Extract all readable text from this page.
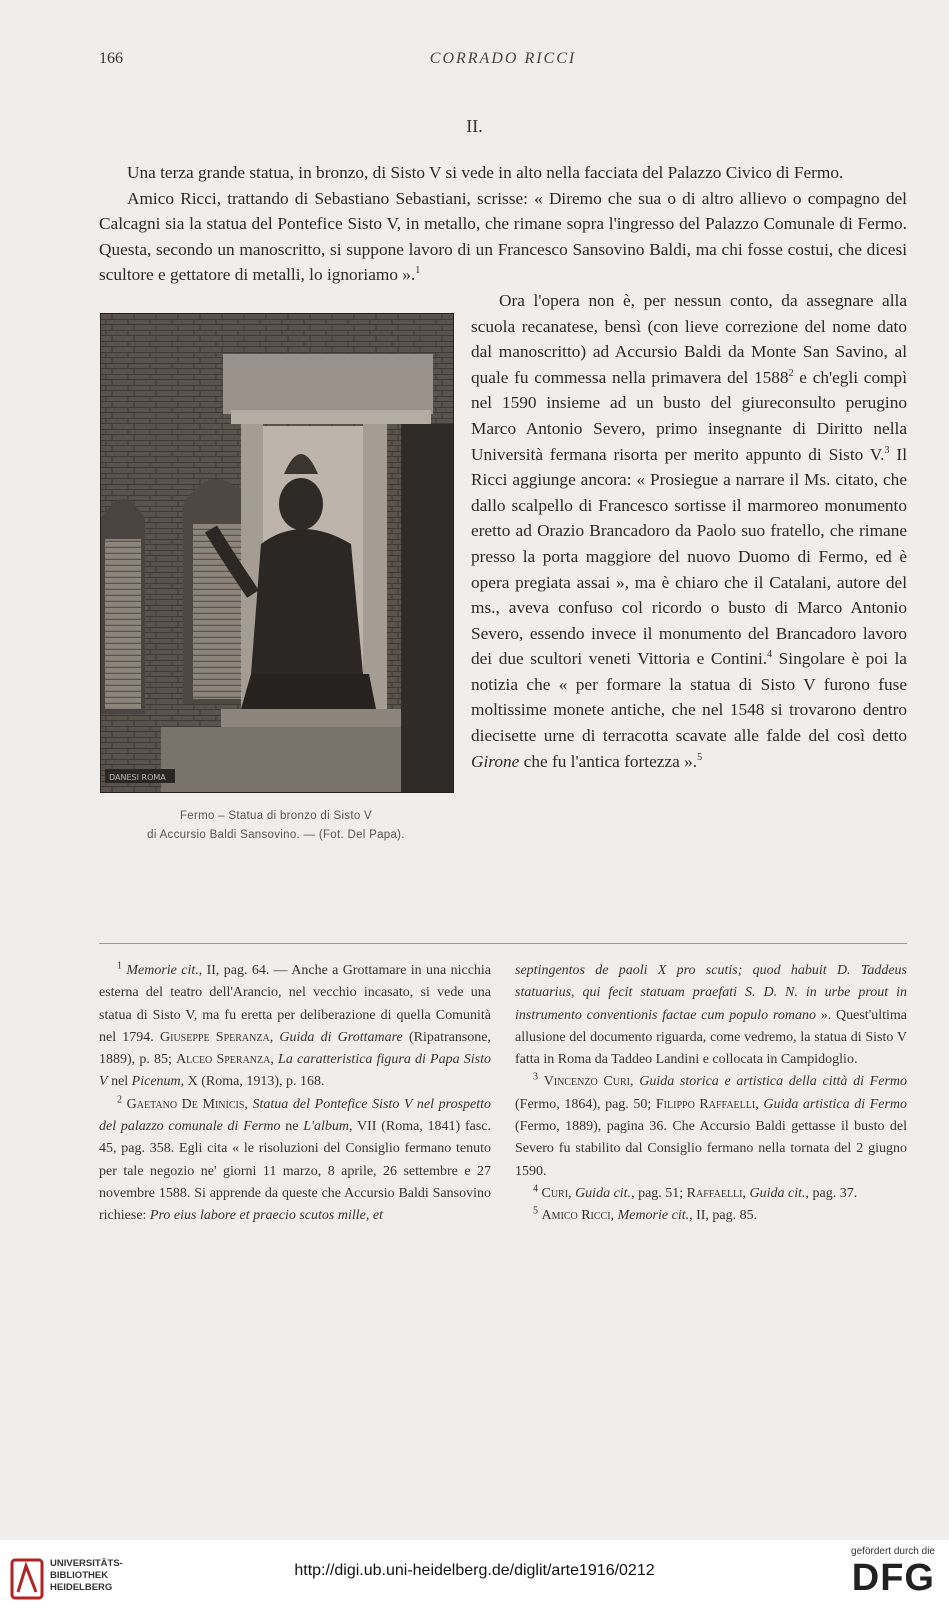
166	CORRADO RICCI
II.

Una terza grande statua, in bronzo, di Sisto V si vede in alto nella facciata del Palazzo Civico di Fermo.

Amico Ricci, trattando di Sebastiano Sebastiani, scrisse: « Diremo che sua o di altro allievo o compagno del Calcagni sia la statua del Pontefice Sisto V, in metallo, che rimane sopra l'ingresso del Palazzo Comunale di Fermo. Questa, secondo un manoscritto, si suppone lavoro di un Francesco Sansovino Baldi, ma chi fosse costui, che dicesi scultore e gettatore di metalli, lo ignoriamo ».$^1$

DANESI ROMA
Fermo – Statua di bronzo di Sisto V
di Accursio Baldi Sansovino. — (Fot. Del Papa).

Ora l'opera non è, per nessun conto, da assegnare alla scuola recanatese, bensì (con lieve correzione del nome dato dal manoscritto) ad Accursio Baldi da Monte San Savino, al quale fu commessa nella primavera del 1588$^2$ e ch'egli compì nel 1590 insieme ad un busto del giureconsulto perugino Marco Antonio Severo, primo insegnante di Diritto nella Università fermana risorta per merito appunto di Sisto V.$^3$ Il Ricci aggiunge ancora: « Prosiegue a narrare il Ms. citato, che dallo scalpello di Francesco sortisse il marmoreo monumento eretto ad Orazio Brancadoro da Paolo suo fratello, che rimane presso la porta maggiore del nuovo Duomo di Fermo, ed è opera pregiata assai », ma è chiaro che il Catalani, autore del ms., aveva confuso col ricordo o busto di Marco Antonio Severo, essendo invece il monumento del Brancadoro lavoro dei due scultori veneti Vittoria e Contini.$^4$ Singolare è poi la notizia che « per formare la statua di Sisto V furono fuse moltissime monete antiche, che nel 1548 si trovarono dentro diecisette urne di terracotta scavate alle falde del così detto Girone che fu l'antica fortezza ».$^5$

$^1$ Memorie cit., II, pag. 64. — Anche a Grottamare in una nicchia esterna del teatro dell'Arancio, nel vecchio incasato, si vede una statua di Sisto V, ma fu eretta per deliberazione di quella Comunità nel 1794. Giuseppe Speranza, Guida di Grottamare (Ripatransone, 1889), p. 85; Alceo Speranza, La caratteristica figura di Papa Sisto V nel Picenum, X (Roma, 1913), p. 168.

$^2$ Gaetano De Minicis, Statua del Pontefice Sisto V nel prospetto del palazzo comunale di Fermo ne L'album, VII (Roma, 1841) fasc. 45, pag. 358. Egli cita « le risoluzioni del Consiglio fermano tenuto per tale negozio ne' giorni 11 marzo, 8 aprile, 26 settembre e 27 novembre 1588. Si apprende da queste che Accursio Baldi Sansovino richiese: Pro eius labore et praecio scutos mille, et

septingentos de paoli X pro scutis; quod habuit D. Taddeus statuarius, qui fecit statuam praefati S. D. N. in urbe prout in instrumento conventionis factae cum populo romano ». Quest'ultima allusione del documento riguarda, come vedremo, la statua di Sisto V fatta in Roma da Taddeo Landini e collocata in Campidoglio.

$^3$ Vincenzo Curi, Guida storica e artistica della città di Fermo (Fermo, 1864), pag. 50; Filippo Raffaelli, Guida artistica di Fermo (Fermo, 1889), pagina 36. Che Accursio Baldi gettasse il busto del Severo fu stabilito dal Consiglio fermano nella tornata del 2 giugno 1590.

$^4$ Curi, Guida cit., pag. 51; Raffaelli, Guida cit., pag. 37.

$^5$ Amico Ricci, Memorie cit., II, pag. 85.

UNIVERSITÄTS-
BIBLIOTHEK
HEIDELBERG
http://digi.ub.uni-heidelberg.de/diglit/arte1916/0212
gefördert durch die
DFG
